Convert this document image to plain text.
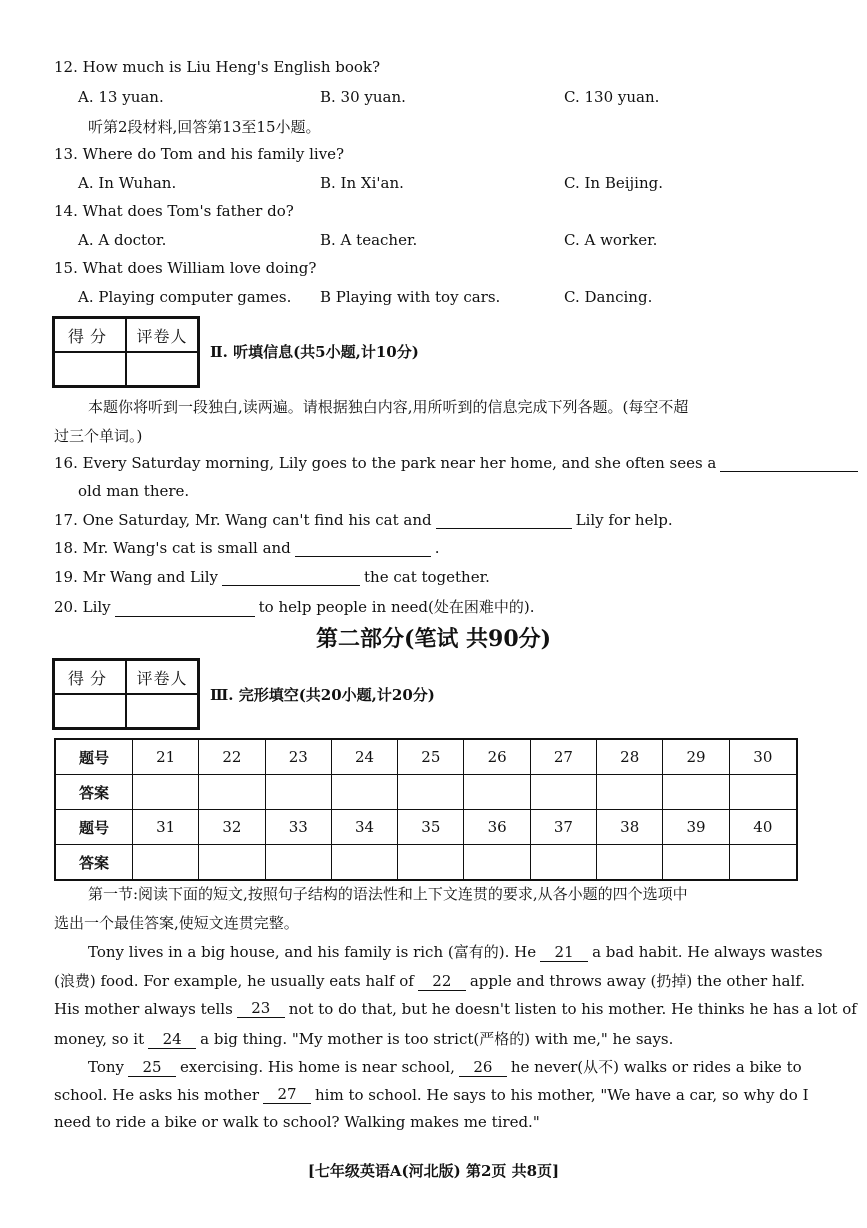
12. How much is Liu Heng's English book?
A. 13 yuan.	B. 30 yuan.	C. 130 yuan.
听第2段材料,回答第13至15小题。
13. Where do Tom and his family live?
A. In Wuhan.	B. In Xi'an.	C. In Beijing.
14. What does Tom's father do?
A. A doctor.	B. A teacher.	C. A worker.
15. What does William love doing?
A. Playing computer games. B Playing with toy cars.	C. Dancing.
得分	评卷人
Ⅱ. 听填信息(共5小题,计10分)
本题你将听到一段独白,读两遍。请根据独白内容,用所听到的信息完成下列各题。(每空不超
过三个单词。)
16. Every Saturday morning, Lily goes to the park near her home, and she often sees a
old man there.
17. One Saturday, Mr. Wang can't find his cat and	Lily for help.
18. Mr. Wang's cat is small and	.
19. Mr Wang and Lily	the cat together.
20. Lily	to help people in need(处在困难中的).
第二部分(笔试 共90分)
得分	评卷人
Ⅲ. 完形填空(共20小题,计20分)
题号	21	22	23	24	25	26	27	28	29	30
答案										
题号	31	32	33	34	35	36	37	38	39	40
答案										
第一节:阅读下面的短文,按照句子结构的语法性和上下文连贯的要求,从各小题的四个选项中
选出一个最佳答案,使短文连贯完整。
Tony lives in a big house, and his family is rich (富有的). He 21 a bad habit. He always wastes
(浪费) food. For example, he usually eats half of 22 apple and throws away (扔掉) the other half.
His mother always tells 23 not to do that, but he doesn't listen to his mother. He thinks he has a lot of
money, so it 24 a big thing. "My mother is too strict(严格的) with me," he says.
Tony 25 exercising. His home is near school, 26 he never(从不) walks or rides a bike to
school. He asks his mother 27 him to school. He says to his mother, "We have a car, so why do I
need to ride a bike or walk to school? Walking makes me tired."
[七年级英语A(河北版) 第2页 共8页]
